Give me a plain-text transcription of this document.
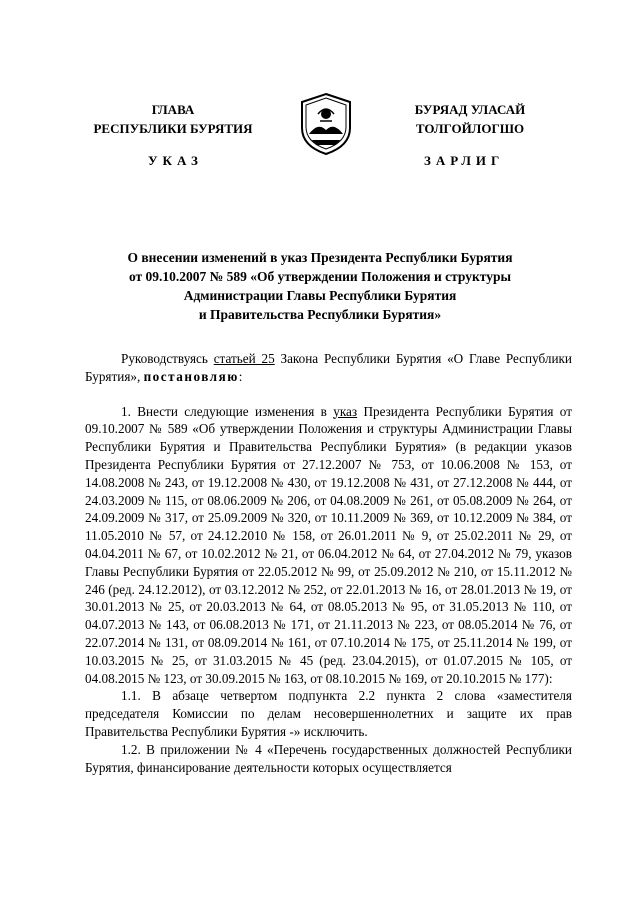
ГЛАВА
РЕСПУБЛИКИ БУРЯТИЯ
УКАЗ
БУРЯАД УЛАСАЙ
ТОЛГОЙЛОГШО
ЗАРЛИГ
О внесении изменений в указ Президента Республики Бурятия
от 09.10.2007 № 589 «Об утверждении Положения и структуры
Администрации Главы Республики Бурятия
и Правительства Республики Бурятия»

Руководствуясь статьей 25 Закона Республики Бурятия «О Главе Республики Бурятия», постановляю:

1. Внести следующие изменения в указ Президента Республики Бурятия от 09.10.2007 № 589 «Об утверждении Положения и структуры Администрации Главы Республики Бурятия и Правительства Республики Бурятия» (в редакции указов Президента Республики Бурятия от 27.12.2007 № 753, от 10.06.2008 № 153, от 14.08.2008 № 243, от 19.12.2008 № 430, от 19.12.2008 № 431, от 27.12.2008 № 444, от 24.03.2009 № 115, от 08.06.2009 № 206, от 04.08.2009 № 261, от 05.08.2009 № 264, от 24.09.2009 № 317, от 25.09.2009 № 320, от 10.11.2009 № 369, от 10.12.2009 № 384, от 11.05.2010 № 57, от 24.12.2010 № 158, от 26.01.2011 № 9, от 25.02.2011 № 29, от 04.04.2011 № 67, от 10.02.2012 № 21, от 06.04.2012 № 64, от 27.04.2012 № 79, указов Главы Республики Бурятия от 22.05.2012 № 99, от 25.09.2012 № 210, от 15.11.2012 № 246 (ред. 24.12.2012), от 03.12.2012 № 252, от 22.01.2013 № 16, от 28.01.2013 № 19, от 30.01.2013 № 25, от 20.03.2013 № 64, от 08.05.2013 № 95, от 31.05.2013 № 110, от 04.07.2013 № 143, от 06.08.2013 № 171, от 21.11.2013 № 223, от 08.05.2014 № 76, от 22.07.2014 № 131, от 08.09.2014 № 161, от 07.10.2014 № 175, от 25.11.2014 № 199, от 10.03.2015 № 25, от 31.03.2015 № 45 (ред. 23.04.2015), от 01.07.2015 № 105, от 04.08.2015 № 123, от 30.09.2015 № 163, от 08.10.2015 № 169, от 20.10.2015 № 177):

1.1. В абзаце четвертом подпункта 2.2 пункта 2 слова «заместителя председателя Комиссии по делам несовершеннолетних и защите их прав Правительства Республики Бурятия -» исключить.

1.2. В приложении № 4 «Перечень государственных должностей Республики Бурятия, финансирование деятельности которых осуществляется
